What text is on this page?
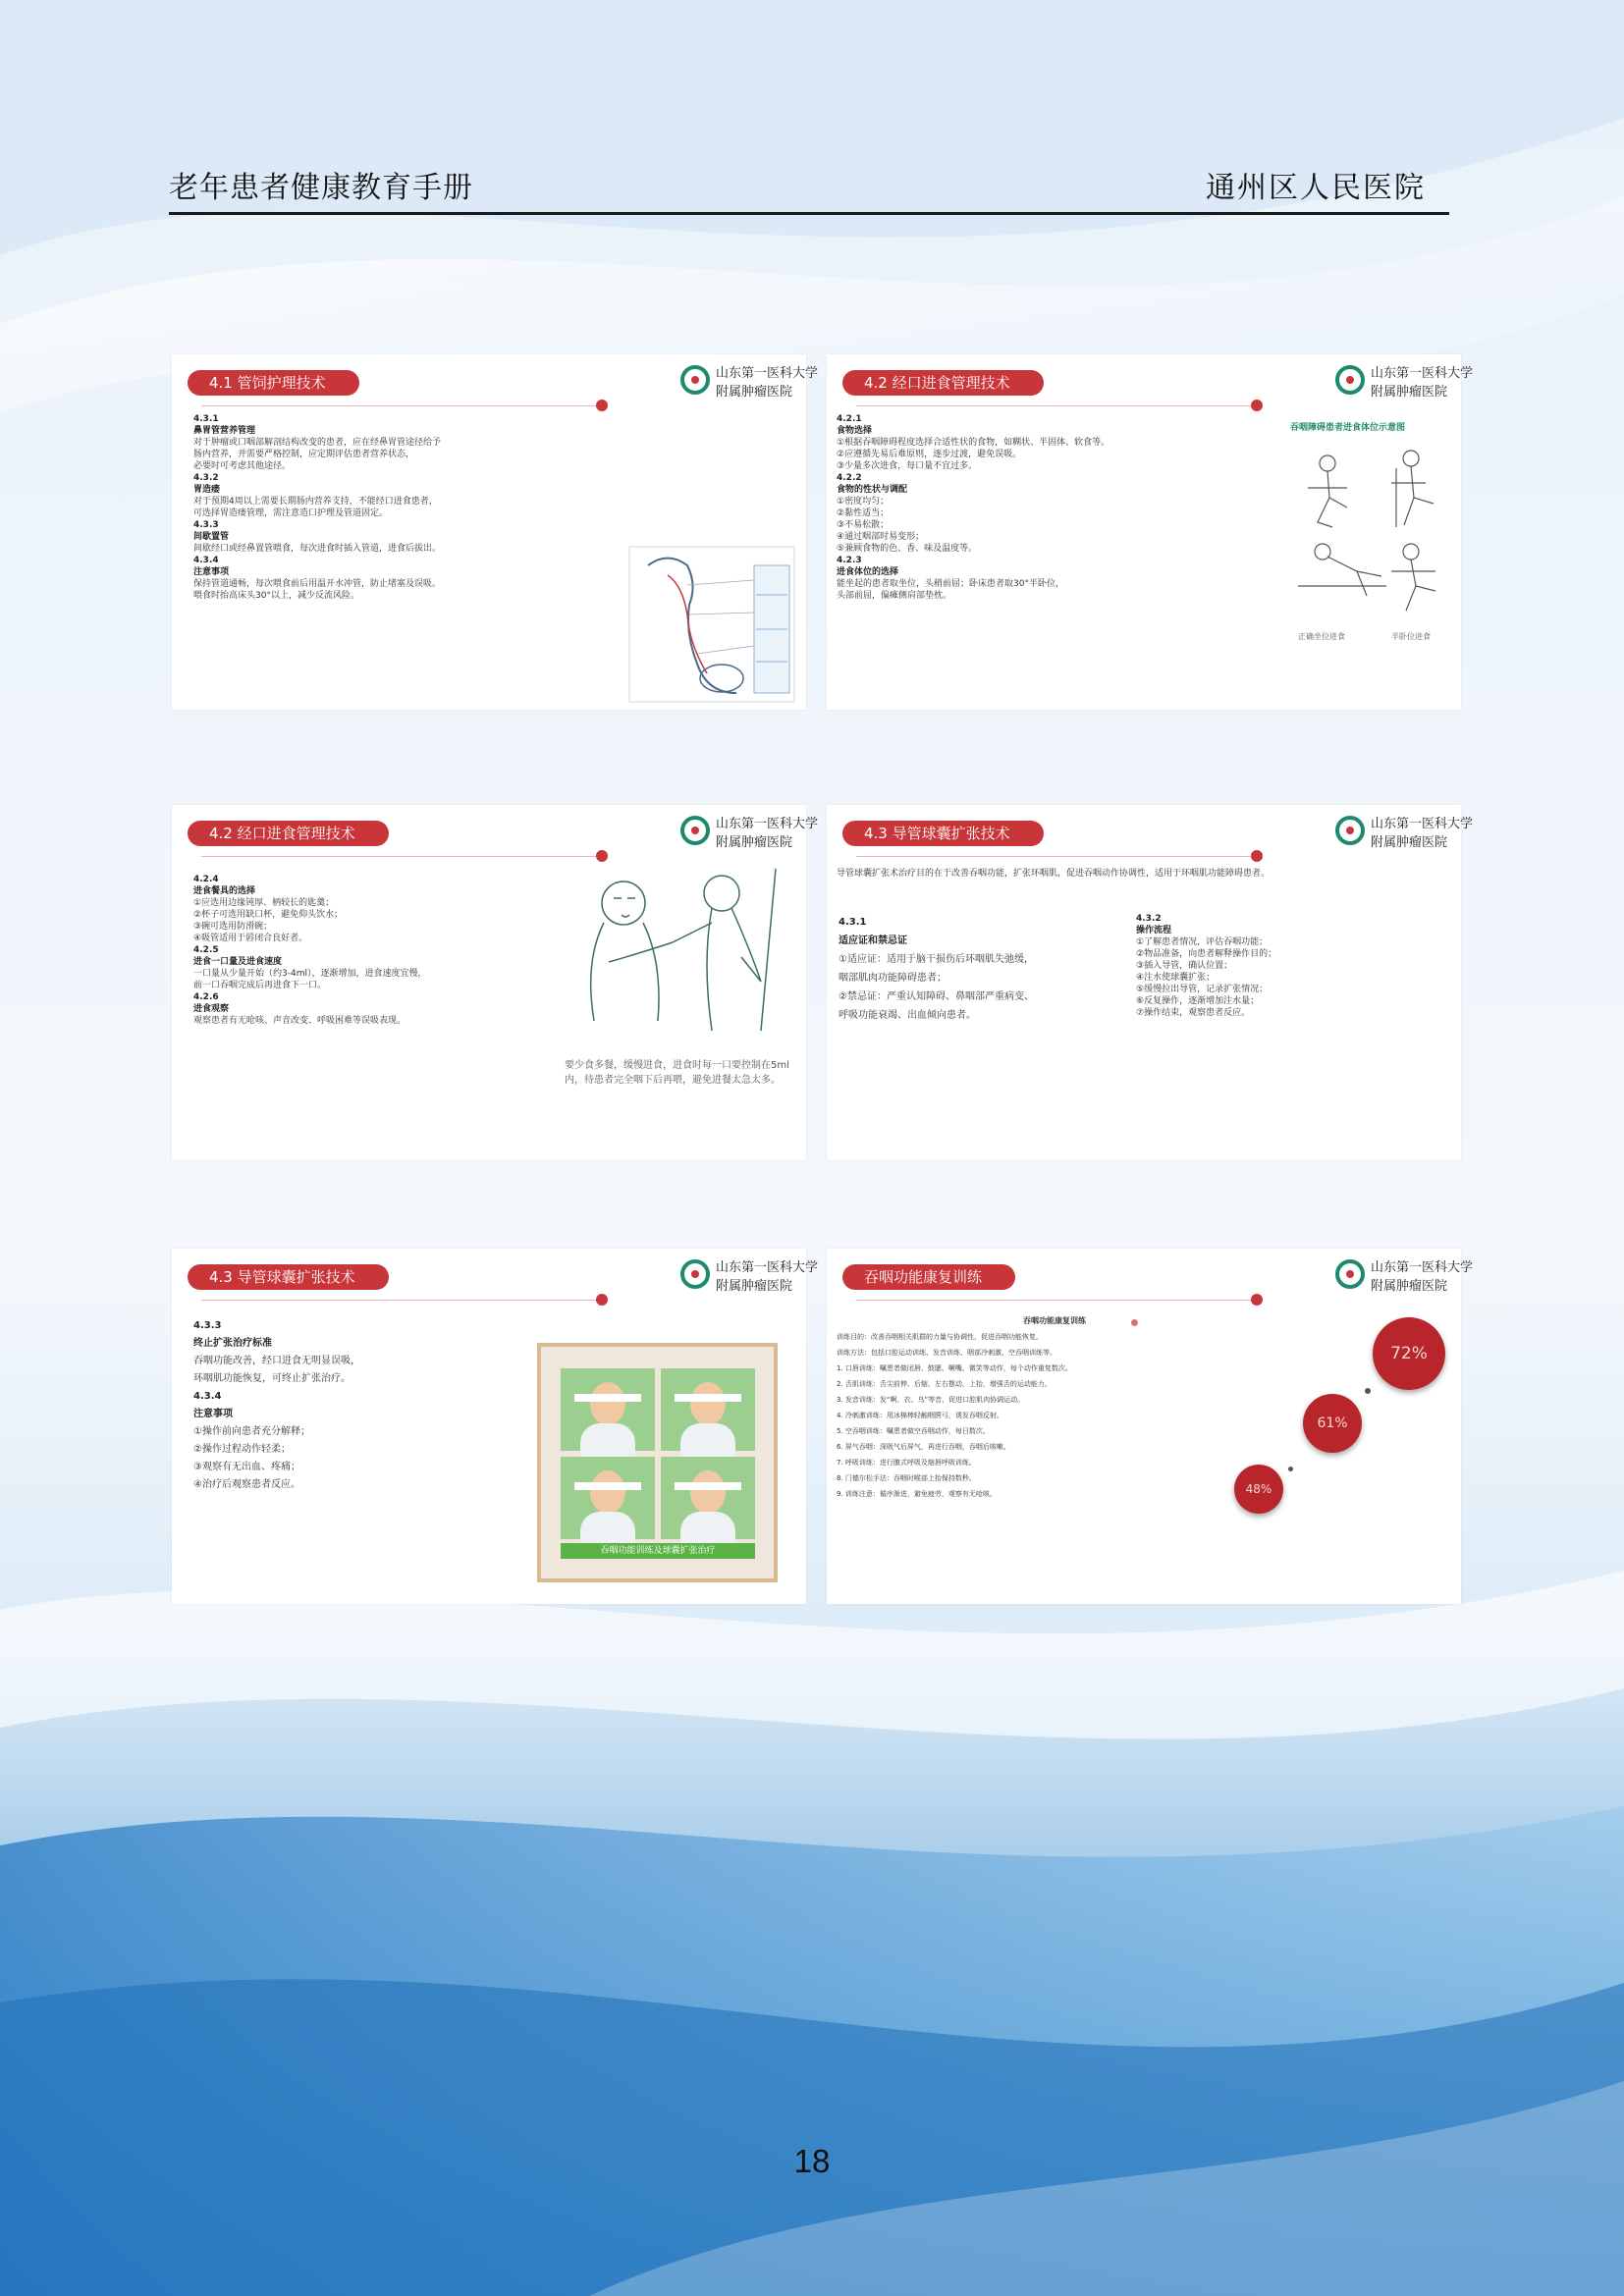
老年患者健康教育手册	通州区人民医院
4.1 管饲护理技术
山东第一医科大学
附属肿瘤医院
4.3.1
鼻胃管营养管理
对于肿瘤或口咽部解剖结构改变的患者，应在经鼻胃管途径给予
肠内营养，并需要严格控制，应定期评估患者营养状态，
必要时可考虑其他途径。
4.3.2
胃造瘘
对于预期4周以上需要长期肠内营养支持，不能经口进食患者，
可选择胃造瘘管理，需注意造口护理及管道固定。
4.3.3
间歇置管
间歇经口或经鼻置管喂食，每次进食时插入管道，进食后拔出。
4.3.4
注意事项
保持管道通畅，每次喂食前后用温开水冲管，防止堵塞及误吸。
喂食时抬高床头30°以上，减少反流风险。
4.2 经口进食管理技术
山东第一医科大学
附属肿瘤医院
4.2.1
食物选择
①根据吞咽障碍程度选择合适性状的食物，如糊状、半固体、软食等。
②应遵循先易后难原则，逐步过渡，避免误吸。
③少量多次进食，每口量不宜过多。
4.2.2
食物的性状与调配
①密度均匀；
②黏性适当；
③不易松散；
④通过咽部时易变形；
⑤兼顾食物的色、香、味及温度等。
4.2.3
进食体位的选择
能坐起的患者取坐位，头稍前屈；卧床患者取30°半卧位，
头部前屈，偏瘫侧肩部垫枕。
吞咽障碍患者进食体位示意图
正确坐位进食	半卧位进食
4.2 经口进食管理技术
山东第一医科大学
附属肿瘤医院
4.2.4
进食餐具的选择
①应选用边缘钝厚、柄较长的匙羹；
②杯子可选用缺口杯，避免仰头饮水；
③碗可选用防滑碗；
④吸管适用于唇闭合良好者。
4.2.5
进食一口量及进食速度
一口量从少量开始（约3-4ml），逐渐增加，进食速度宜慢，
前一口吞咽完成后再进食下一口。
4.2.6
进食观察
观察患者有无呛咳、声音改变、呼吸困难等误吸表现。
要少食多餐，缓慢进食，进食时每一口要控制在5ml内，待患者完全咽下后再喂，避免进餐太急太多。
4.3 导管球囊扩张技术
山东第一医科大学
附属肿瘤医院
导管球囊扩张术治疗目的在于改善吞咽功能，扩张环咽肌，促进吞咽动作协调性，适用于环咽肌功能障碍患者。
4.3.1
适应证和禁忌证
①适应证：适用于脑干损伤后环咽肌失弛缓，
咽部肌肉功能障碍患者；
②禁忌证：严重认知障碍、鼻咽部严重病变、
呼吸功能衰竭、出血倾向患者。
4.3.2
操作流程
①了解患者情况，评估吞咽功能；
②物品准备，向患者解释操作目的；
③插入导管，确认位置；
④注水使球囊扩张；
⑤缓慢拉出导管，记录扩张情况；
⑥反复操作，逐渐增加注水量；
⑦操作结束，观察患者反应。
4.3 导管球囊扩张技术
山东第一医科大学
附属肿瘤医院
4.3.3
终止扩张治疗标准
吞咽功能改善，经口进食无明显误吸，
环咽肌功能恢复，可终止扩张治疗。
4.3.4
注意事项
①操作前向患者充分解释；
②操作过程动作轻柔；
③观察有无出血、疼痛；
④治疗后观察患者反应。
吞咽功能训练及球囊扩张治疗
吞咽功能康复训练
山东第一医科大学
附属肿瘤医院
吞咽功能康复训练
训练目的：改善吞咽相关肌群的力量与协调性，促进吞咽功能恢复。
训练方法：包括口腔运动训练、发音训练、咽部冷刺激、空吞咽训练等。
1. 口唇训练：嘱患者做闭唇、鼓腮、噘嘴、微笑等动作，每个动作重复数次。
2. 舌肌训练：舌尖前伸、后缩、左右摆动、上抬，增强舌的运动能力。
3. 发音训练：发“啊、衣、乌”等音，促进口腔肌肉协调运动。
4. 冷刺激训练：用冰棉棒轻触咽腭弓，诱发吞咽反射。
5. 空吞咽训练：嘱患者做空吞咽动作，每日数次。
6. 屏气吞咽：深吸气后屏气，再进行吞咽，吞咽后咳嗽。
7. 呼吸训练：进行腹式呼吸及缩唇呼吸训练。
8. 门德尔松手法：吞咽时喉部上抬保持数秒。
9. 训练注意：循序渐进，避免疲劳，观察有无呛咳。
72%
61%
48%
18
